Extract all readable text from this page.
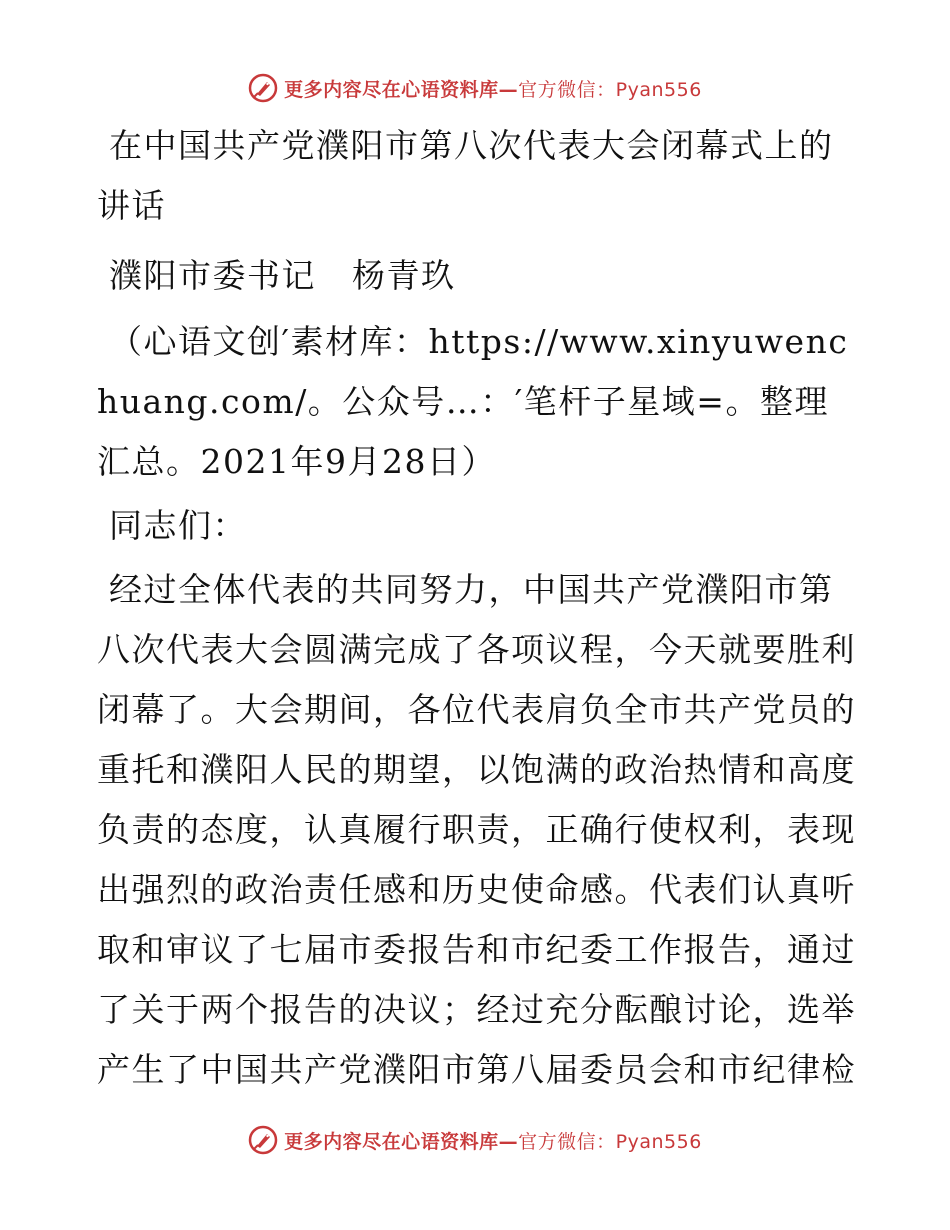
更多内容尽在心语资料库—官方微信：Pyan556

在中国共产党濮阳市第八次代表大会闭幕式上的讲话

濮阳市委书记   杨青玖

（心语文创′素材库：https://www.xinyuwenchuang.com/。公众号…：′笔杆子星域=。整理汇总。2021年9月28日）

同志们：

经过全体代表的共同努力，中国共产党濮阳市第八次代表大会圆满完成了各项议程，今天就要胜利闭幕了。大会期间，各位代表肩负全市共产党员的重托和濮阳人民的期望，以饱满的政治热情和高度负责的态度，认真履行职责，正确行使权利，表现出强烈的政治责任感和历史使命感。代表们认真听取和审议了七届市委报告和市纪委工作报告，通过了关于两个报告的决议；经过充分酝酿讨论，选举产生了中国共产党濮阳市第八届委员会和市纪律检

更多内容尽在心语资料库—官方微信：Pyan556
